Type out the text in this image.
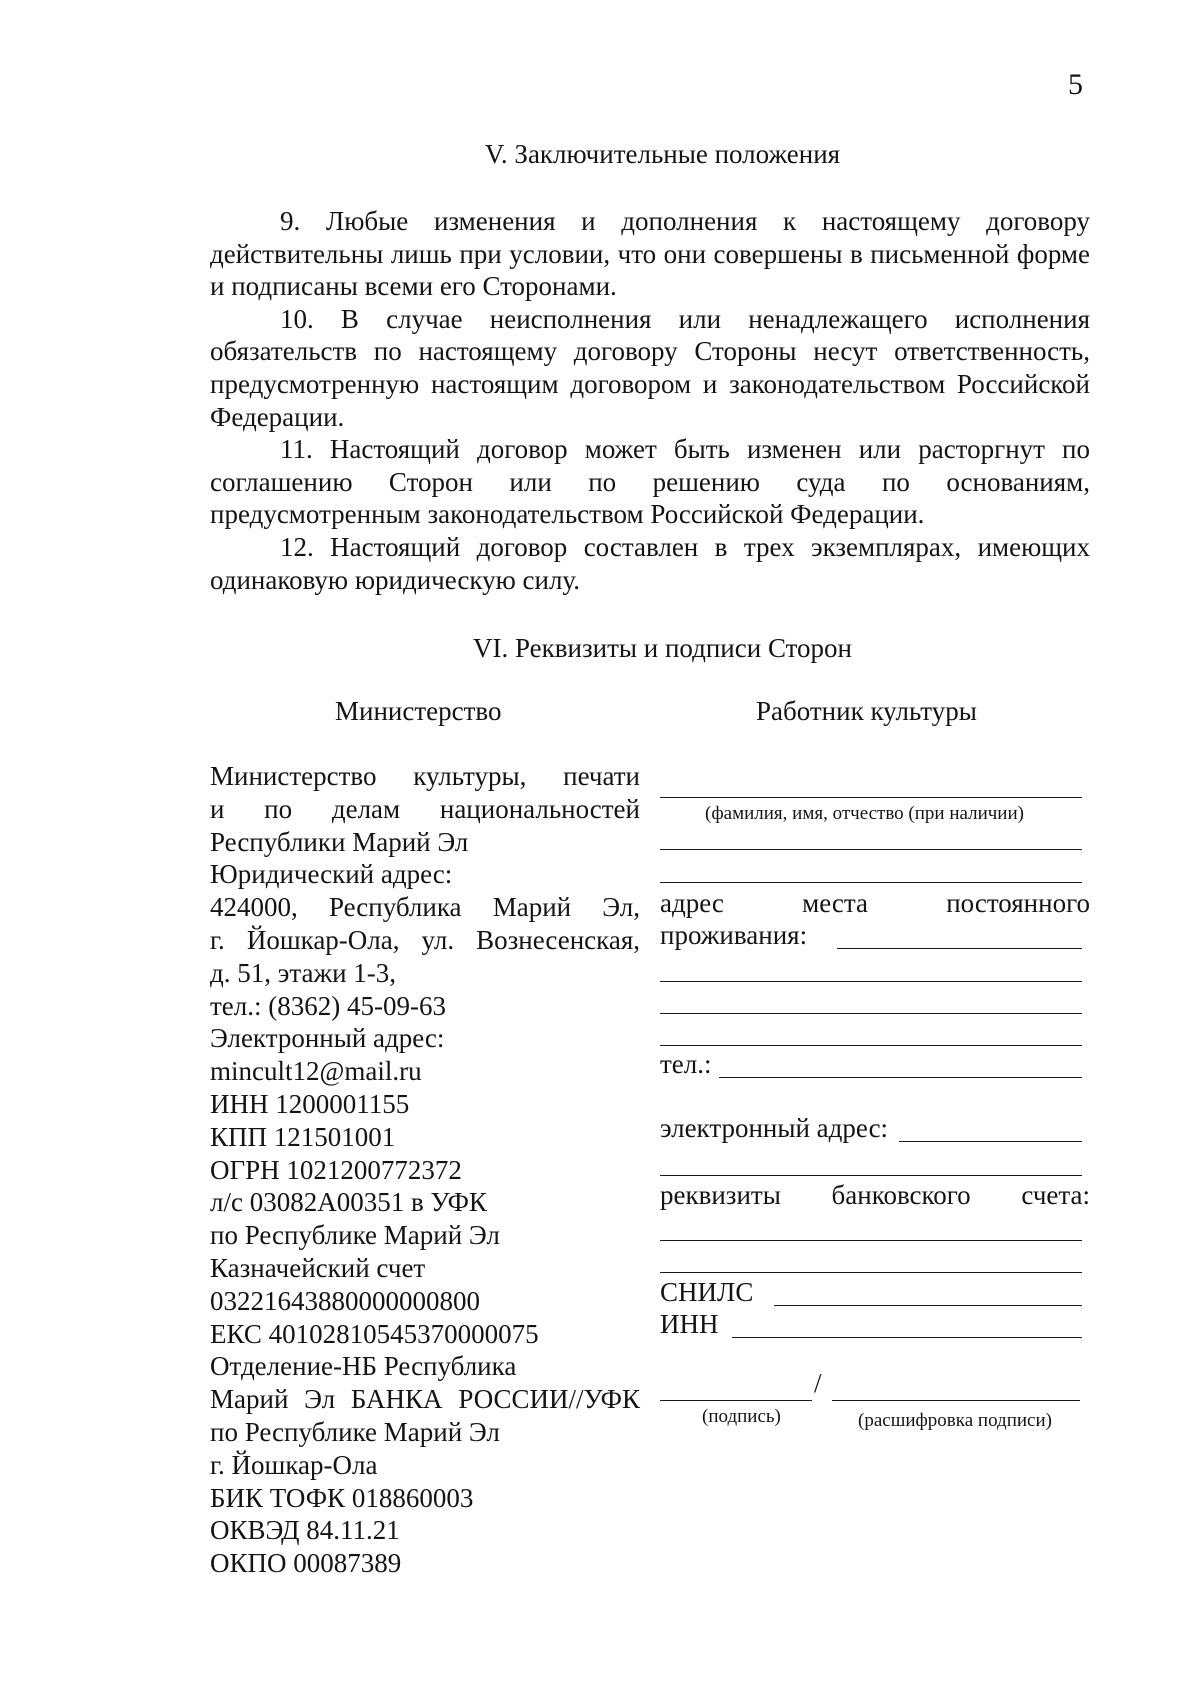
5
V. Заключительные положения

9. Любые изменения и дополнения к настоящему договору действительны лишь при условии, что они совершены в письменной форме и подписаны всеми его Сторонами.

10. В случае неисполнения или ненадлежащего исполнения обязательств по настоящему договору Стороны несут ответственность, предусмотренную настоящим договором и законодательством Российской Федерации.

11. Настоящий договор может быть изменен или расторгнут по соглашению Сторон или по решению суда по основаниям, предусмотренным законодательством Российской Федерации.

12. Настоящий договор составлен в трех экземплярах, имеющих одинаковую юридическую силу.

VI. Реквизиты и подписи Сторон
Министерство	Работник культуры
Министерство культуры, печати
и по делам национальностей
Республики Марий Эл
Юридический адрес:
424000, Республика Марий Эл,
г. Йошкар-Ола, ул. Вознесенская,
д. 51, этажи 1-3,
тел.: (8362) 45-09-63
Электронный адрес:
mincult12@mail.ru
ИНН 1200001155
КПП 121501001
ОГРН 1021200772372
л/с 03082А00351 в УФК
по Республике Марий Эл
Казначейский счет
03221643880000000800
ЕКС 40102810545370000075
Отделение-НБ Республика
Марий Эл БАНКА РОССИИ//УФК
по Республике Марий Эл
г. Йошкар-Ола
БИК ТОФК 018860003
ОКВЭД 84.11.21
ОКПО 00087389
(фамилия, имя, отчество (при наличии)
адрес	места	постоянного
проживания:
тел.:
электронный адрес:
реквизиты банковского счета:
СНИЛС
ИНН
/
(подпись)	(расшифровка подписи)
